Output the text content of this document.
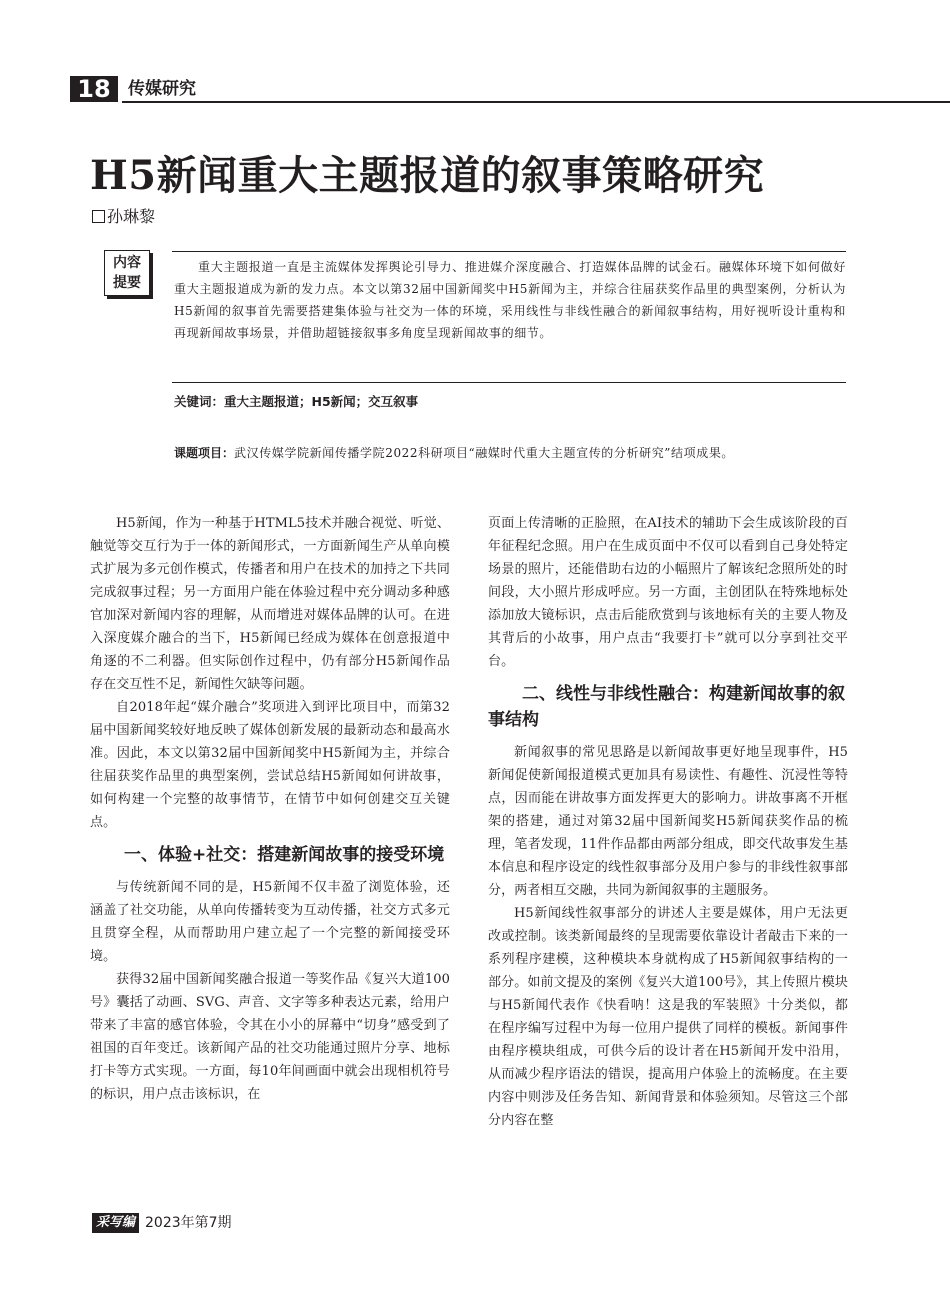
18	传媒研究
H5新闻重大主题报道的叙事策略研究
孙琳黎
内容提要

重大主题报道一直是主流媒体发挥舆论引导力、推进媒介深度融合、打造媒体品牌的试金石。融媒体环境下如何做好重大主题报道成为新的发力点。本文以第32届中国新闻奖中H5新闻为主，并综合往届获奖作品里的典型案例，分析认为H5新闻的叙事首先需要搭建集体验与社交为一体的环境，采用线性与非线性融合的新闻叙事结构，用好视听设计重构和再现新闻故事场景，并借助超链接叙事多角度呈现新闻故事的细节。

关键词：重大主题报道；H5新闻；交互叙事
课题项目：武汉传媒学院新闻传播学院2022科研项目“融媒时代重大主题宣传的分析研究”结项成果。

H5新闻，作为一种基于HTML5技术并融合视觉、听觉、触觉等交互行为于一体的新闻形式，一方面新闻生产从单向模式扩展为多元创作模式，传播者和用户在技术的加持之下共同完成叙事过程；另一方面用户能在体验过程中充分调动多种感官加深对新闻内容的理解，从而增进对媒体品牌的认可。在进入深度媒介融合的当下，H5新闻已经成为媒体在创意报道中角逐的不二利器。但实际创作过程中，仍有部分H5新闻作品存在交互性不足，新闻性欠缺等问题。

自2018年起“媒介融合”奖项进入到评比项目中，而第32届中国新闻奖较好地反映了媒体创新发展的最新动态和最高水准。因此，本文以第32届中国新闻奖中H5新闻为主，并综合往届获奖作品里的典型案例，尝试总结H5新闻如何讲故事，如何构建一个完整的故事情节，在情节中如何创建交互关键点。

一、体验+社交：搭建新闻故事的接受环境

与传统新闻不同的是，H5新闻不仅丰盈了浏览体验，还涵盖了社交功能，从单向传播转变为互动传播，社交方式多元且贯穿全程，从而帮助用户建立起了一个完整的新闻接受环境。

获得32届中国新闻奖融合报道一等奖作品《复兴大道100号》囊括了动画、SVG、声音、文字等多种表达元素，给用户带来了丰富的感官体验，令其在小小的屏幕中“切身”感受到了祖国的百年变迁。该新闻产品的社交功能通过照片分享、地标打卡等方式实现。一方面，每10年间画面中就会出现相机符号的标识，用户点击该标识，在

页面上传清晰的正脸照，在AI技术的辅助下会生成该阶段的百年征程纪念照。用户在生成页面中不仅可以看到自己身处特定场景的照片，还能借助右边的小幅照片了解该纪念照所处的时间段，大小照片形成呼应。另一方面，主创团队在特殊地标处添加放大镜标识，点击后能欣赏到与该地标有关的主要人物及其背后的小故事，用户点击“我要打卡”就可以分享到社交平台。

二、线性与非线性融合：构建新闻故事的叙事结构

新闻叙事的常见思路是以新闻故事更好地呈现事件，H5新闻促使新闻报道模式更加具有易读性、有趣性、沉浸性等特点，因而能在讲故事方面发挥更大的影响力。讲故事离不开框架的搭建，通过对第32届中国新闻奖H5新闻获奖作品的梳理，笔者发现，11件作品都由两部分组成，即交代故事发生基本信息和程序设定的线性叙事部分及用户参与的非线性叙事部分，两者相互交融，共同为新闻叙事的主题服务。

H5新闻线性叙事部分的讲述人主要是媒体，用户无法更改或控制。该类新闻最终的呈现需要依靠设计者敲击下来的一系列程序建模，这种模块本身就构成了H5新闻叙事结构的一部分。如前文提及的案例《复兴大道100号》，其上传照片模块与H5新闻代表作《快看呐！这是我的军装照》十分类似，都在程序编写过程中为每一位用户提供了同样的模板。新闻事件由程序模块组成，可供今后的设计者在H5新闻开发中沿用，从而减少程序语法的错误，提高用户体验上的流畅度。在主要内容中则涉及任务告知、新闻背景和体验须知。尽管这三个部分内容在整

采写编 2023年第7期
